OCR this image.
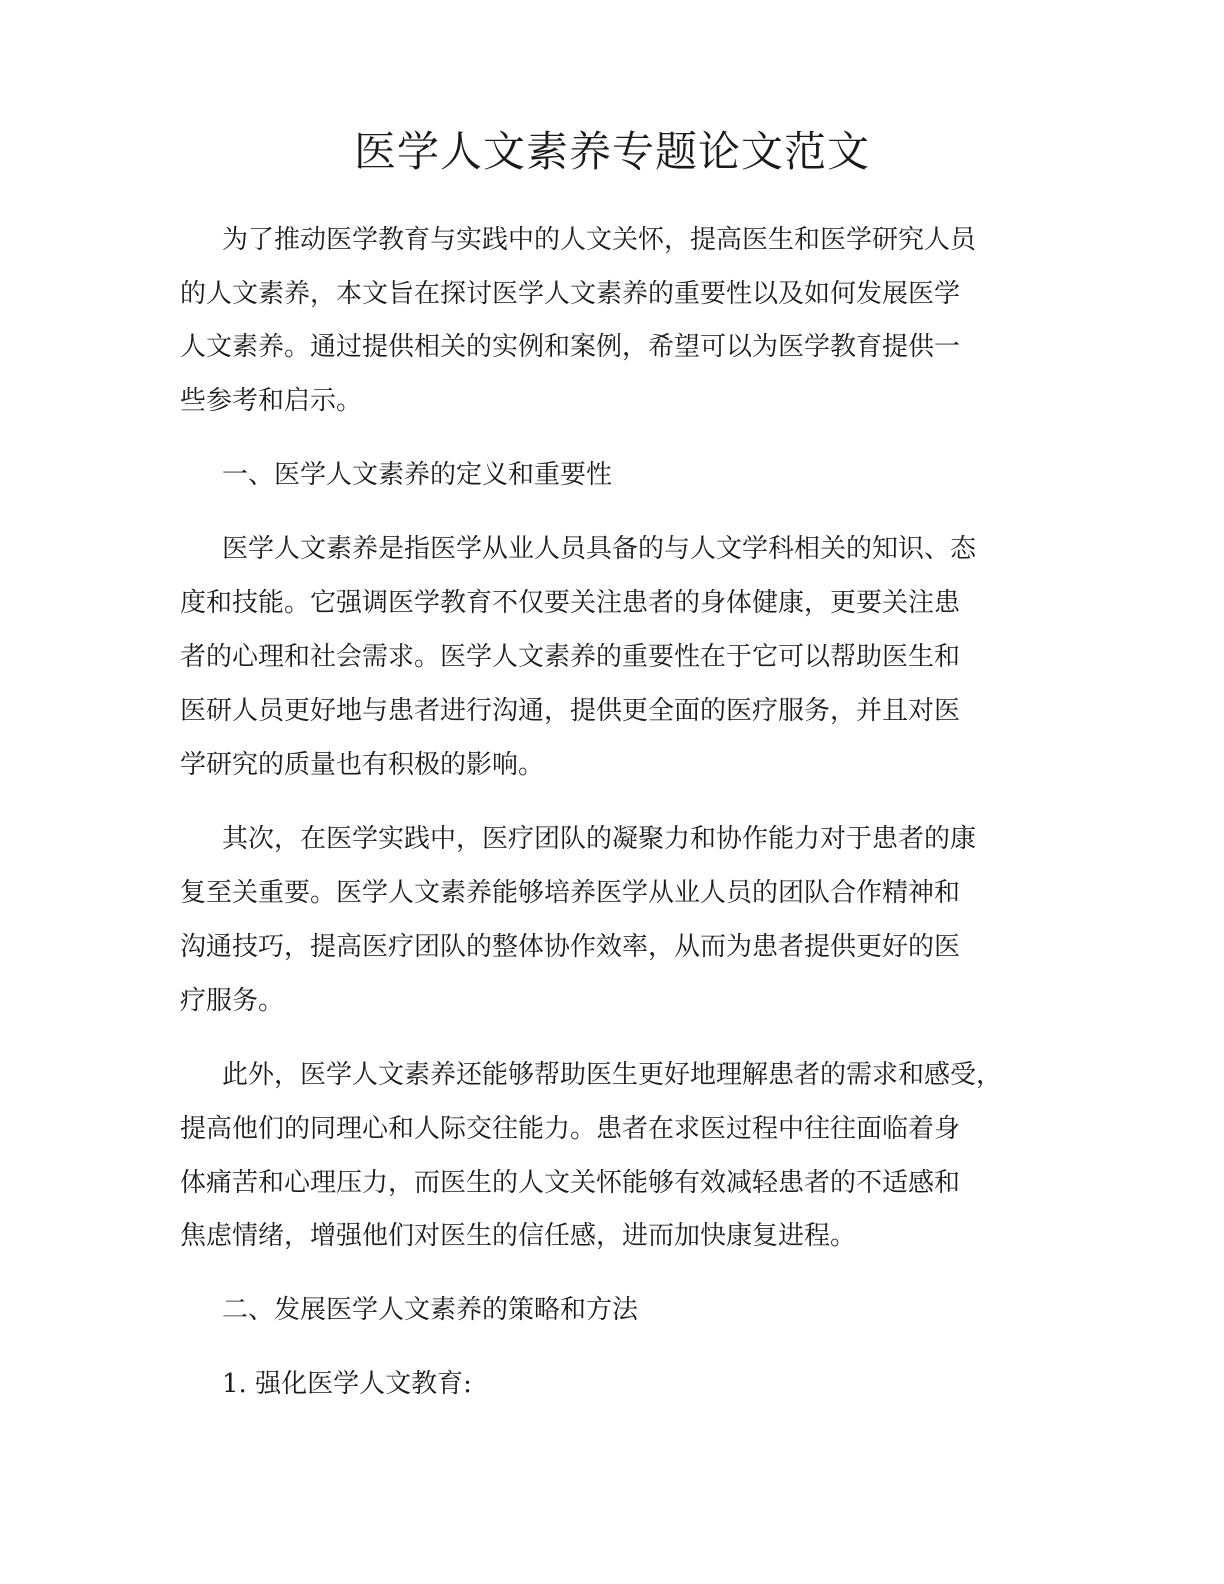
医学人文素养专题论文范文

为了推动医学教育与实践中的人文关怀，提高医生和医学研究人员

的人文素养，本文旨在探讨医学人文素养的重要性以及如何发展医学

人文素养。通过提供相关的实例和案例，希望可以为医学教育提供一

些参考和启示。

一、医学人文素养的定义和重要性

医学人文素养是指医学从业人员具备的与人文学科相关的知识、态

度和技能。它强调医学教育不仅要关注患者的身体健康，更要关注患

者的心理和社会需求。医学人文素养的重要性在于它可以帮助医生和

医研人员更好地与患者进行沟通，提供更全面的医疗服务，并且对医

学研究的质量也有积极的影响。

其次，在医学实践中，医疗团队的凝聚力和协作能力对于患者的康

复至关重要。医学人文素养能够培养医学从业人员的团队合作精神和

沟通技巧，提高医疗团队的整体协作效率，从而为患者提供更好的医

疗服务。

此外，医学人文素养还能够帮助医生更好地理解患者的需求和感受，

提高他们的同理心和人际交往能力。患者在求医过程中往往面临着身

体痛苦和心理压力，而医生的人文关怀能够有效减轻患者的不适感和

焦虑情绪，增强他们对医生的信任感，进而加快康复进程。

二、发展医学人文素养的策略和方法

1. 强化医学人文教育:
